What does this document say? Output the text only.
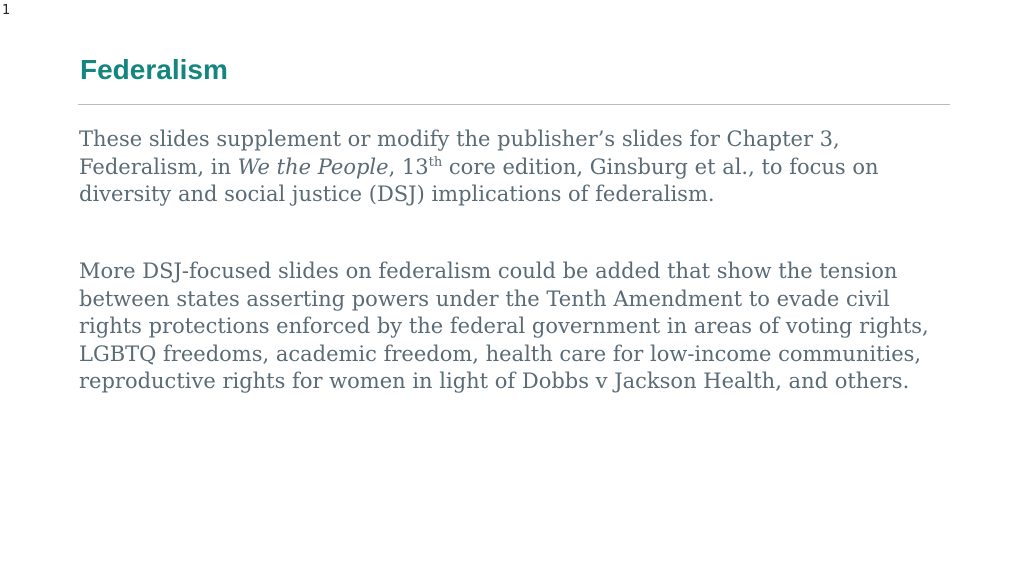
1
Federalism

These slides supplement or modify the publisher’s slides for Chapter 3, Federalism, in We the People, 13th core edition, Ginsburg et al., to focus on diversity and social justice (DSJ) implications of federalism.

More DSJ-focused slides on federalism could be added that show the tension between states asserting powers under the Tenth Amendment to evade civil rights protections enforced by the federal government in areas of voting rights, LGBTQ freedoms, academic freedom, health care for low-income communities, reproductive rights for women in light of Dobbs v Jackson Health, and others.
